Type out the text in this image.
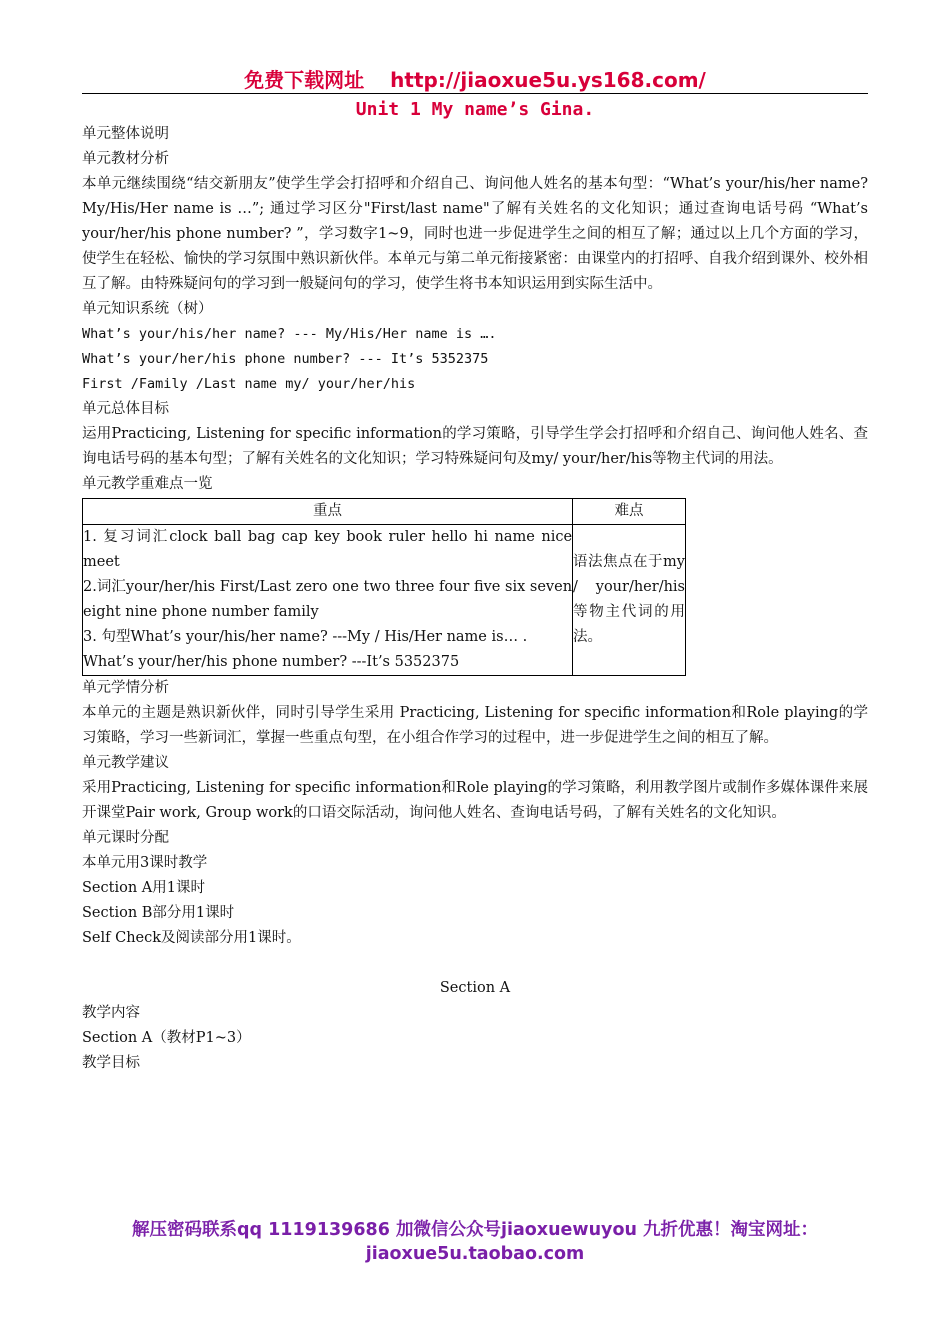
免费下载网址 http://jiaoxue5u.ys168.com/
Unit 1 My name’s Gina.

单元整体说明

单元教材分析

本单元继续围绕“结交新朋友”使学生学会打招呼和介绍自己、询问他人姓名的基本句型：“What’s your/his/her name? My/His/Her name is …”; 通过学习区分"First/last name"了解有关姓名的文化知识；通过查询电话号码 “What’s your/her/his phone number? ”，学习数字1~9，同时也进一步促进学生之间的相互了解；通过以上几个方面的学习，使学生在轻松、愉快的学习氛围中熟识新伙伴。本单元与第二单元衔接紧密：由课堂内的打招呼、自我介绍到课外、校外相互了解。由特殊疑问句的学习到一般疑问句的学习，使学生将书本知识运用到实际生活中。

单元知识系统（树）

What’s your/his/her name? --- My/His/Her name is ….

What’s your/her/his phone number? --- It’s 5352375

First /Family /Last name my/ your/her/his

单元总体目标

运用Practicing, Listening for specific information的学习策略，引导学生学会打招呼和介绍自己、询问他人姓名、查询电话号码的基本句型；了解有关姓名的文化知识；学习特殊疑问句及my/ your/her/his等物主代词的用法。

单元教学重难点一览

重点	难点

1. 复习词汇clock ball bag cap key book ruler hello hi name nice meet
2.词汇your/her/his First/Last zero one two three four five six seven eight nine phone number family
3. 句型What’s your/his/her name? ---My / His/Her name is… .
What’s your/her/his phone number? ---It’s 5352375	语法焦点在于my / your/her/his等物主代词的用法。

单元学情分析

本单元的主题是熟识新伙伴，同时引导学生采用 Practicing, Listening for specific information和Role playing的学习策略，学习一些新词汇，掌握一些重点句型，在小组合作学习的过程中，进一步促进学生之间的相互了解。

单元教学建议

采用Practicing, Listening for specific information和Role playing的学习策略，利用教学图片或制作多媒体课件来展开课堂Pair work, Group work的口语交际活动，询问他人姓名、查询电话号码，了解有关姓名的文化知识。

单元课时分配

本单元用3课时教学

Section A用1课时

Section B部分用1课时

Self Check及阅读部分用1课时。

Section A

教学内容

Section A（教材P1~3）

教学目标

解压密码联系qq 1119139686 加微信公众号jiaoxuewuyou 九折优惠！淘宝网址：
jiaoxue5u.taobao.com
